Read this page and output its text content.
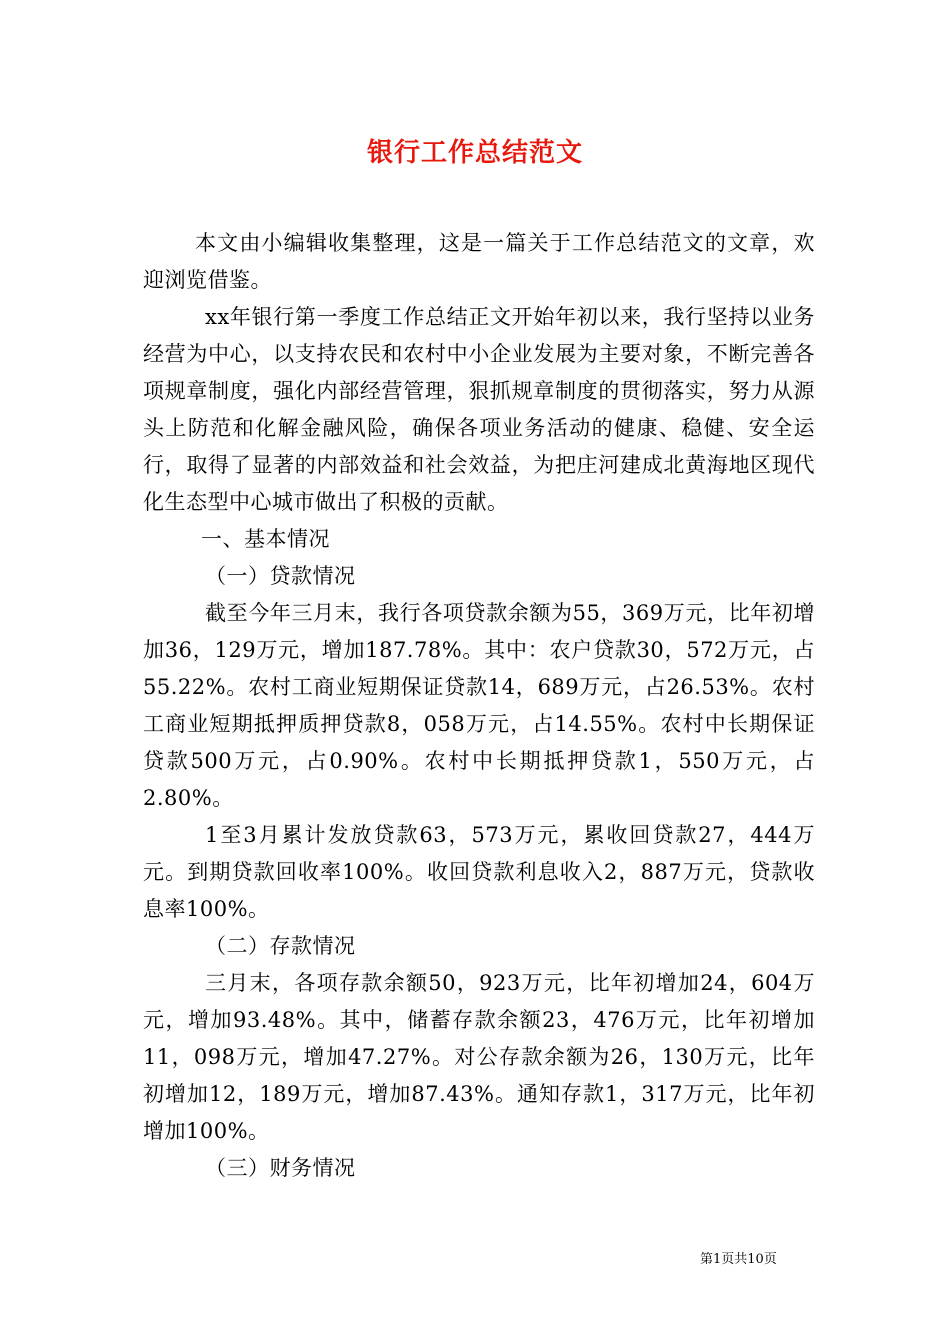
银行工作总结范文

本文由小编辑收集整理，这是一篇关于工作总结范文的文章，欢迎浏览借鉴。

xx年银行第一季度工作总结正文开始年初以来，我行坚持以业务经营为中心，以支持农民和农村中小企业发展为主要对象，不断完善各项规章制度，强化内部经营管理，狠抓规章制度的贯彻落实，努力从源头上防范和化解金融风险，确保各项业务活动的健康、稳健、安全运行，取得了显著的内部效益和社会效益，为把庄河建成北黄海地区现代化生态型中心城市做出了积极的贡献。

一、基本情况

（一）贷款情况

截至今年三月末，我行各项贷款余额为55，369万元，比年初增加36，129万元，增加187.78%。其中：农户贷款30，572万元，占55.22%。农村工商业短期保证贷款14，689万元，占26.53%。农村工商业短期抵押质押贷款8，058万元，占14.55%。农村中长期保证贷款500万元，占0.90%。农村中长期抵押贷款1，550万元，占2.80%。

1至3月累计发放贷款63，573万元，累收回贷款27，444万元。到期贷款回收率100%。收回贷款利息收入2，887万元，贷款收息率100%。

（二）存款情况

三月末，各项存款余额50，923万元，比年初增加24，604万元，增加93.48%。其中，储蓄存款余额23，476万元，比年初增加11，098万元，增加47.27%。对公存款余额为26，130万元，比年初增加12，189万元，增加87.43%。通知存款1，317万元，比年初增加100%。

（三）财务情况

第1页共10页
